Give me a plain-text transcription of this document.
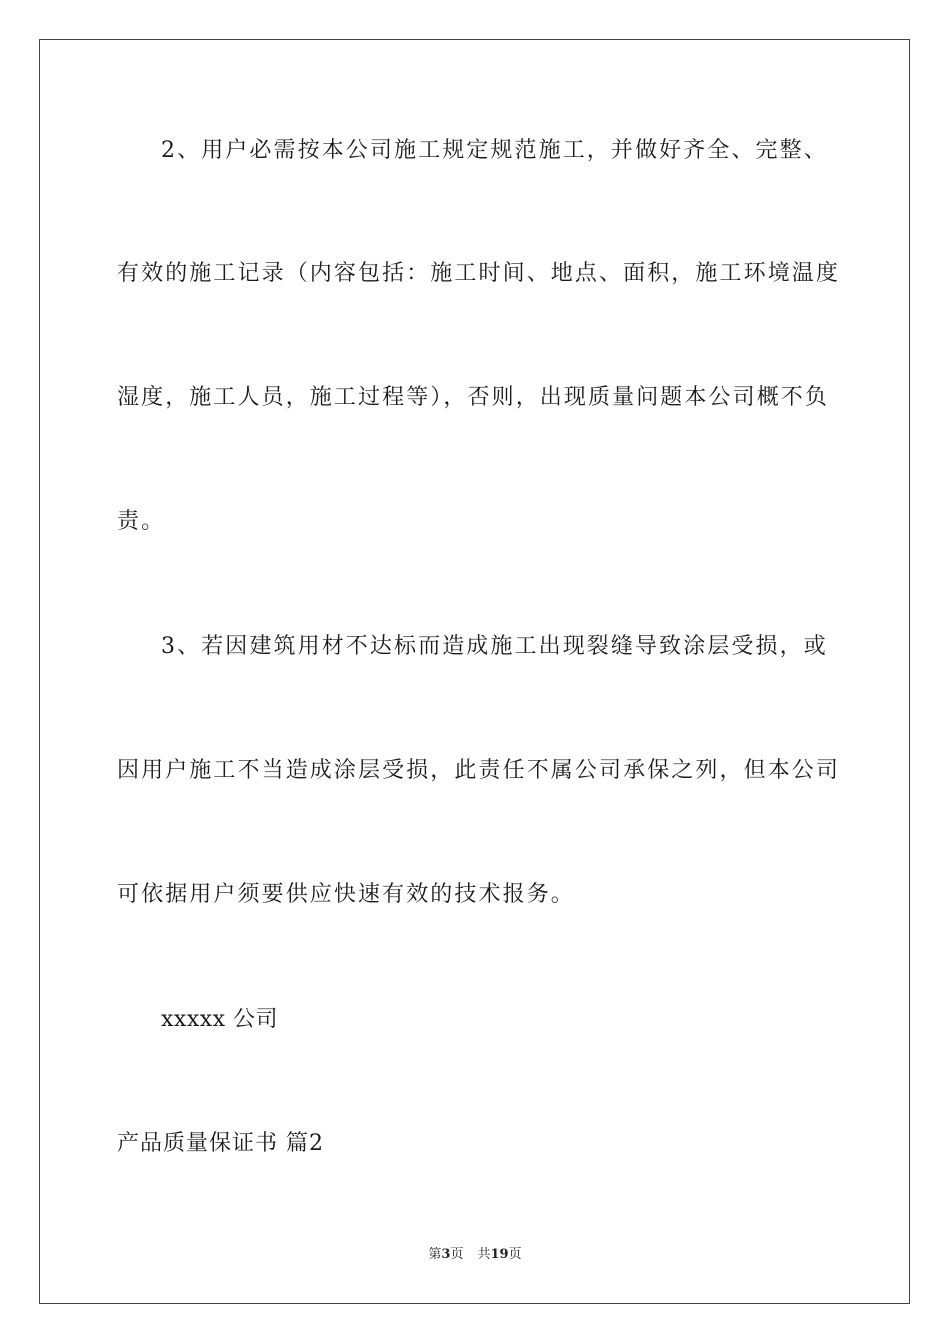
2、用户必需按本公司施工规定规范施工，并做好齐全、完整、
有效的施工记录（内容包括：施工时间、地点、面积，施工环境温度
湿度，施工人员，施工过程等），否则，出现质量问题本公司概不负
责。
3、若因建筑用材不达标而造成施工出现裂缝导致涂层受损，或
因用户施工不当造成涂层受损，此责任不属公司承保之列，但本公司
可依据用户须要供应快速有效的技术报务。
xxxxx 公司
产品质量保证书 篇2
第3页 共19页
